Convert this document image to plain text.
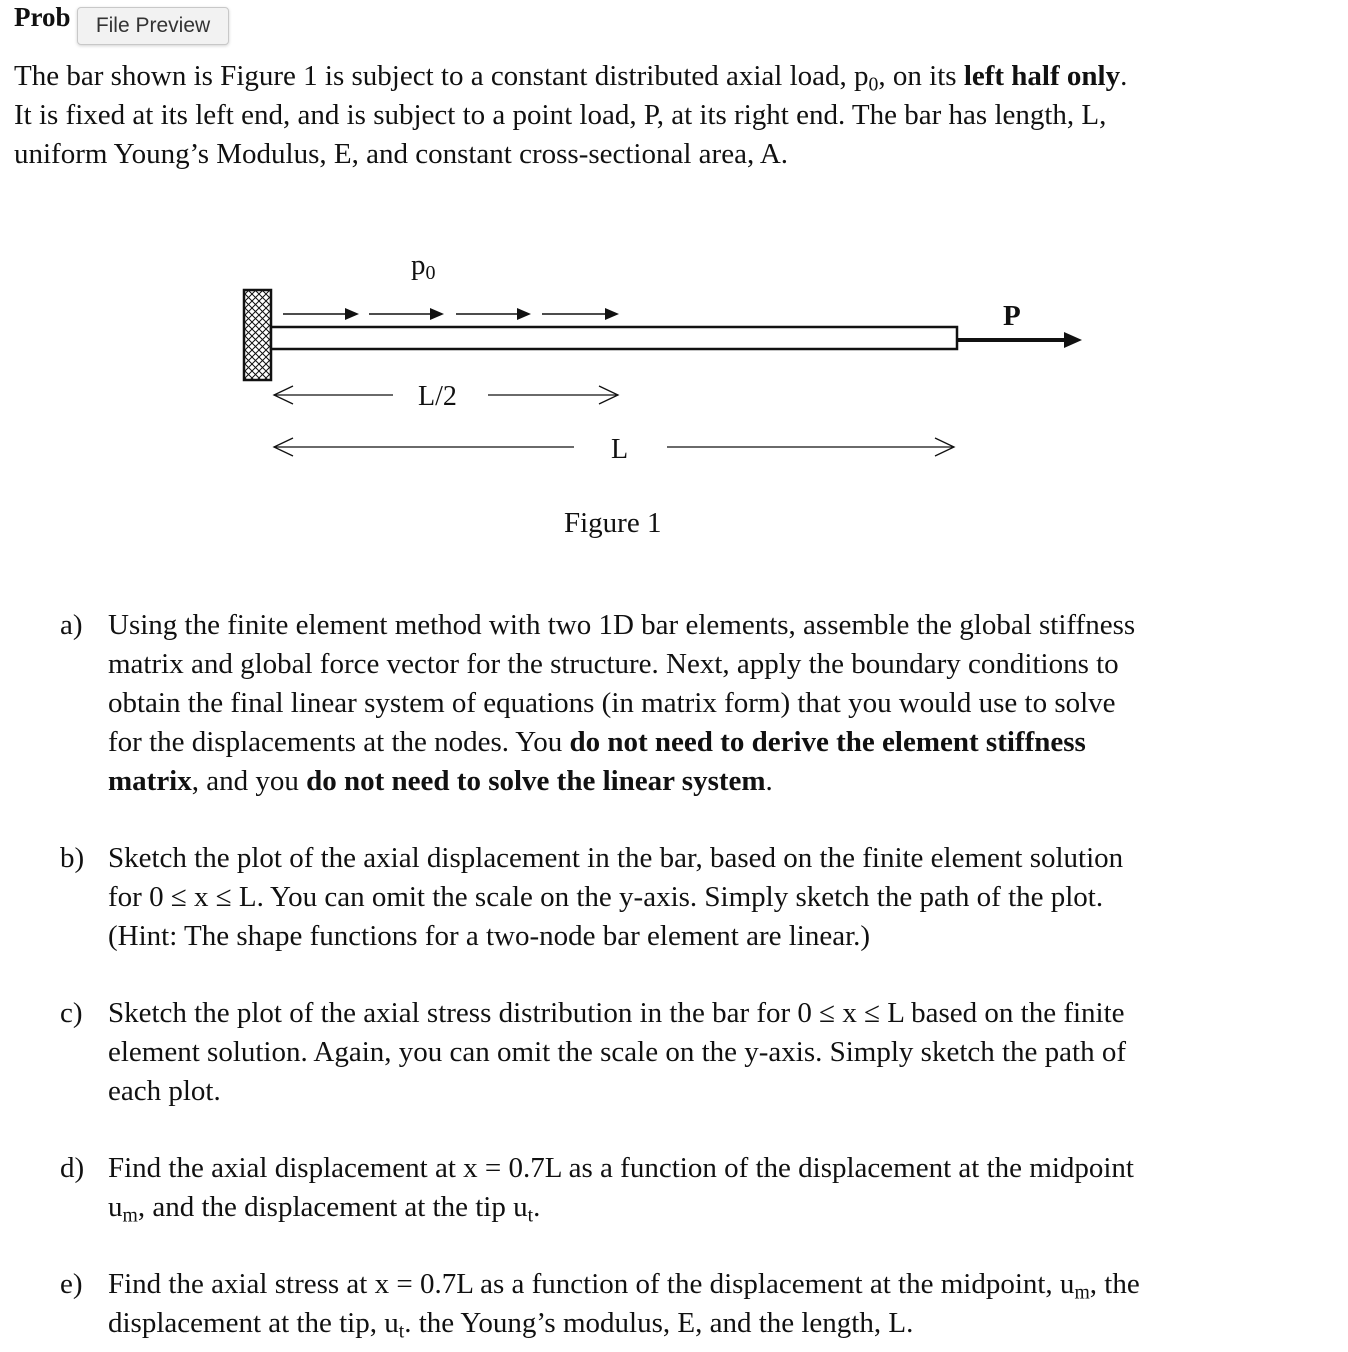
Prob	File Preview
The bar shown is Figure 1 is subject to a constant distributed axial load, $p_0$, on its left half only.
It is fixed at its left end, and is subject to a point load, P, at its right end. The bar has length, L,
uniform Young’s Modulus, E, and constant cross-sectional area, A.
p0
P
L/2
L
Figure 1
a) Using the finite element method with two 1D bar elements, assemble the global stiffness
matrix and global force vector for the structure. Next, apply the boundary conditions to
obtain the final linear system of equations (in matrix form) that you would use to solve
for the displacements at the nodes. You do not need to derive the element stiffness
matrix, and you do not need to solve the linear system.
b) Sketch the plot of the axial displacement in the bar, based on the finite element solution
for 0 ≤ x ≤ L. You can omit the scale on the y-axis. Simply sketch the path of the plot.
(Hint: The shape functions for a two-node bar element are linear.)
c) Sketch the plot of the axial stress distribution in the bar for 0 ≤ x ≤ L based on the finite
element solution. Again, you can omit the scale on the y-axis. Simply sketch the path of
each plot.
d) Find the axial displacement at x = 0.7L as a function of the displacement at the midpoint
$u_m$, and the displacement at the tip $u_t$.
e) Find the axial stress at x = 0.7L as a function of the displacement at the midpoint, $u_m$, the
displacement at the tip, $u_t$. the Young’s modulus, E, and the length, L.
